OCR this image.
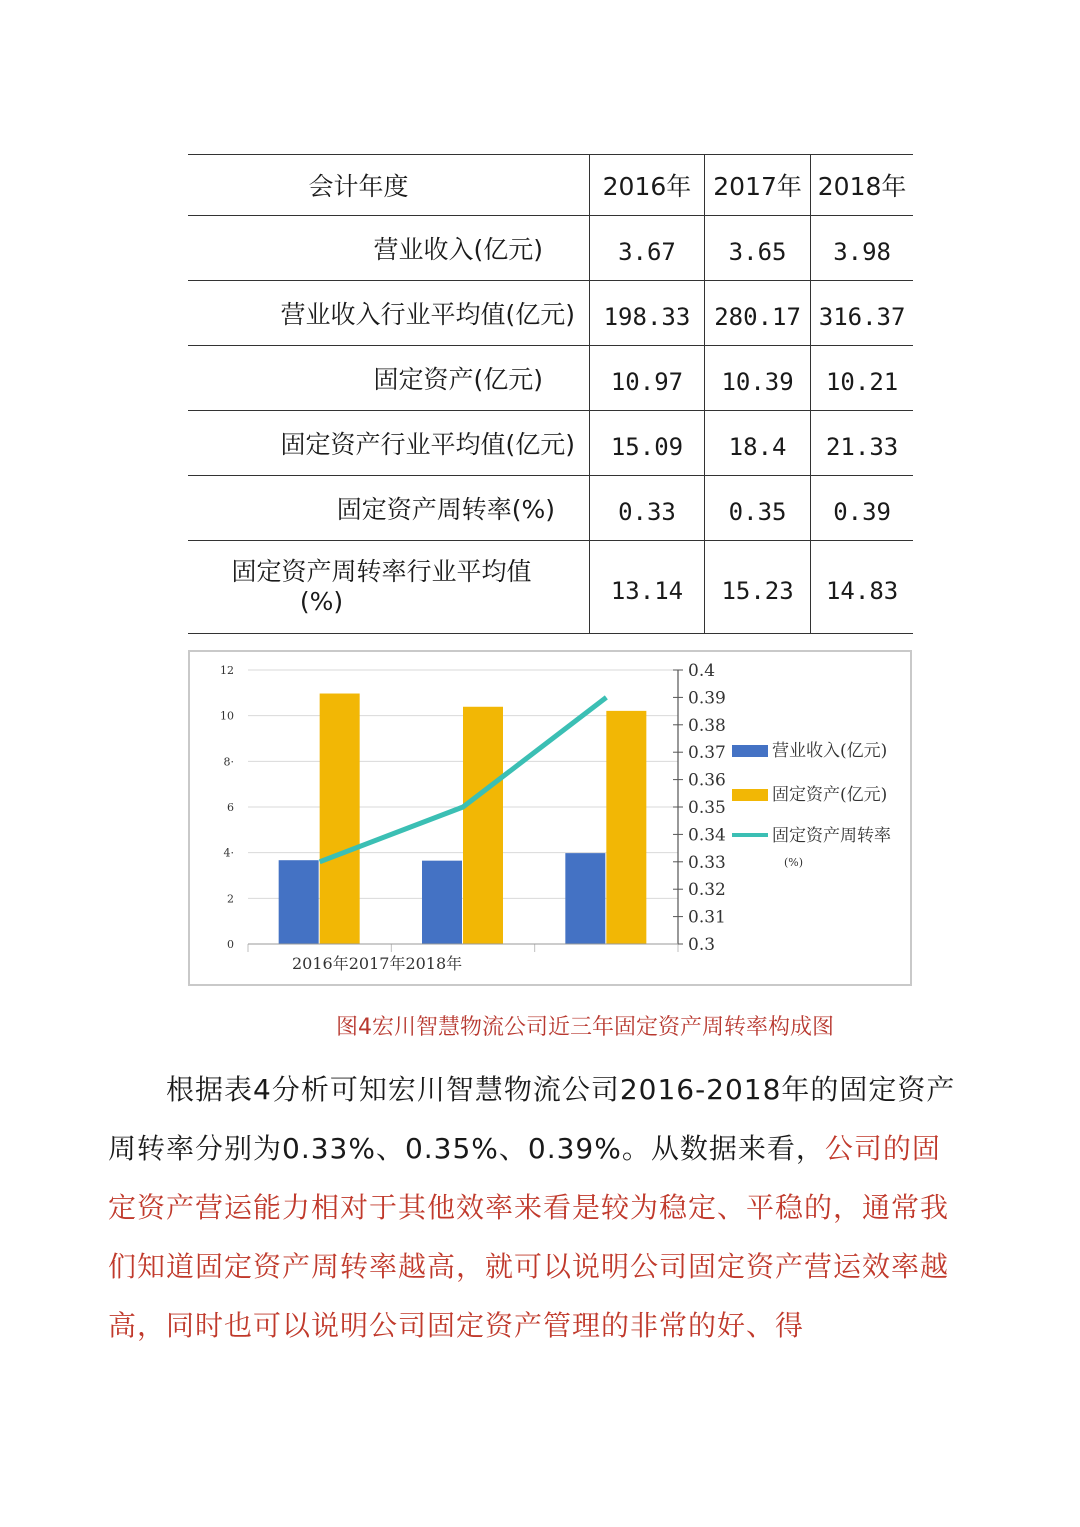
会计年度	2016年	2017年	2018年
营业收入(亿元)	3.67	3.65	3.98
营业收入行业平均值(亿元)	198.33	280.17	316.37
固定资产(亿元)	10.97	10.39	10.21
固定资产行业平均值(亿元)	15.09	18.4	21.33
固定资产周转率(%)	0.33	0.35	0.39

固定资产周转率行业平均值
(%)	13.14	15.23	14.83
0
2
4·
6
8·
10
12
0.3
0.31
0.32
0.33
0.34
0.35
0.36
0.37
0.38
0.39
0.4
2016年2017年2018年
营业收入(亿元)
固定资产(亿元)
固定资产周转率
(%)
图4宏川智慧物流公司近三年固定资产周转率构成图
根据表4分析可知宏川智慧物流公司2016-2018年的固定资产周转率分别为0.33%、0.35%、0.39%。从数据来看，公司的固定资产营运能力相对于其他效率来看是较为稳定、平稳的，通常我们知道固定资产周转率越高，就可以说明公司固定资产营运效率越高，同时也可以说明公司固定资产管理的非常的好、得
